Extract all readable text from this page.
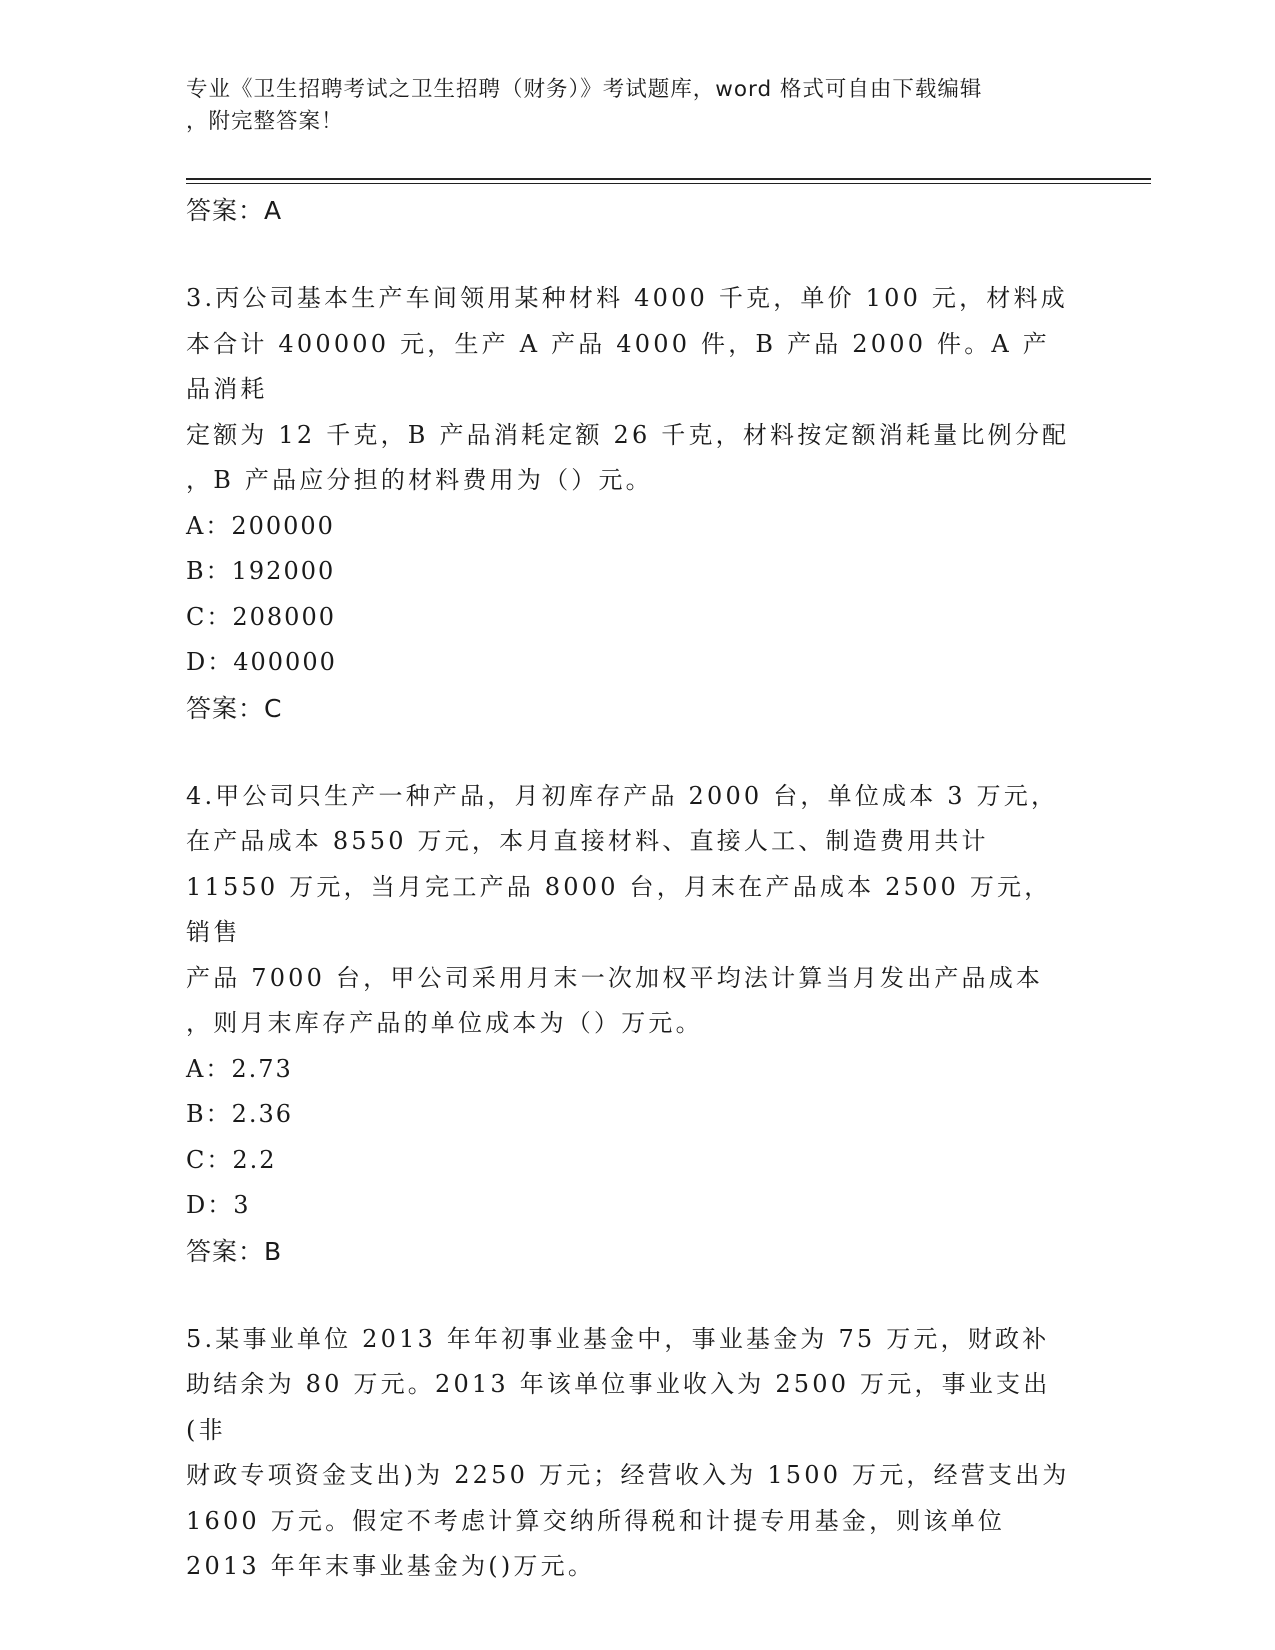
专业《卫生招聘考试之卫生招聘（财务）》考试题库，word 格式可自由下载编辑
，附完整答案！
答案：A
3.丙公司基本生产车间领用某种材料 4000 千克，单价 100 元，材料成
本合计 400000 元，生产 A 产品 4000 件，B 产品 2000 件。A 产品消耗
定额为 12 千克，B 产品消耗定额 26 千克，材料按定额消耗量比例分配
，B 产品应分担的材料费用为（）元。
A：200000
B：192000
C：208000
D：400000
答案：C
4.甲公司只生产一种产品，月初库存产品 2000 台，单位成本 3 万元，
在产品成本 8550 万元，本月直接材料、直接人工、制造费用共计
11550 万元，当月完工产品 8000 台，月末在产品成本 2500 万元，销售
产品 7000 台，甲公司采用月末一次加权平均法计算当月发出产品成本
，则月末库存产品的单位成本为（）万元。
A：2.73
B：2.36
C：2.2
D：3
答案：B
5.某事业单位 2013 年年初事业基金中，事业基金为 75 万元，财政补
助结余为 80 万元。2013 年该单位事业收入为 2500 万元，事业支出(非
财政专项资金支出)为 2250 万元；经营收入为 1500 万元，经营支出为
1600 万元。假定不考虑计算交纳所得税和计提专用基金，则该单位
2013 年年末事业基金为()万元。
